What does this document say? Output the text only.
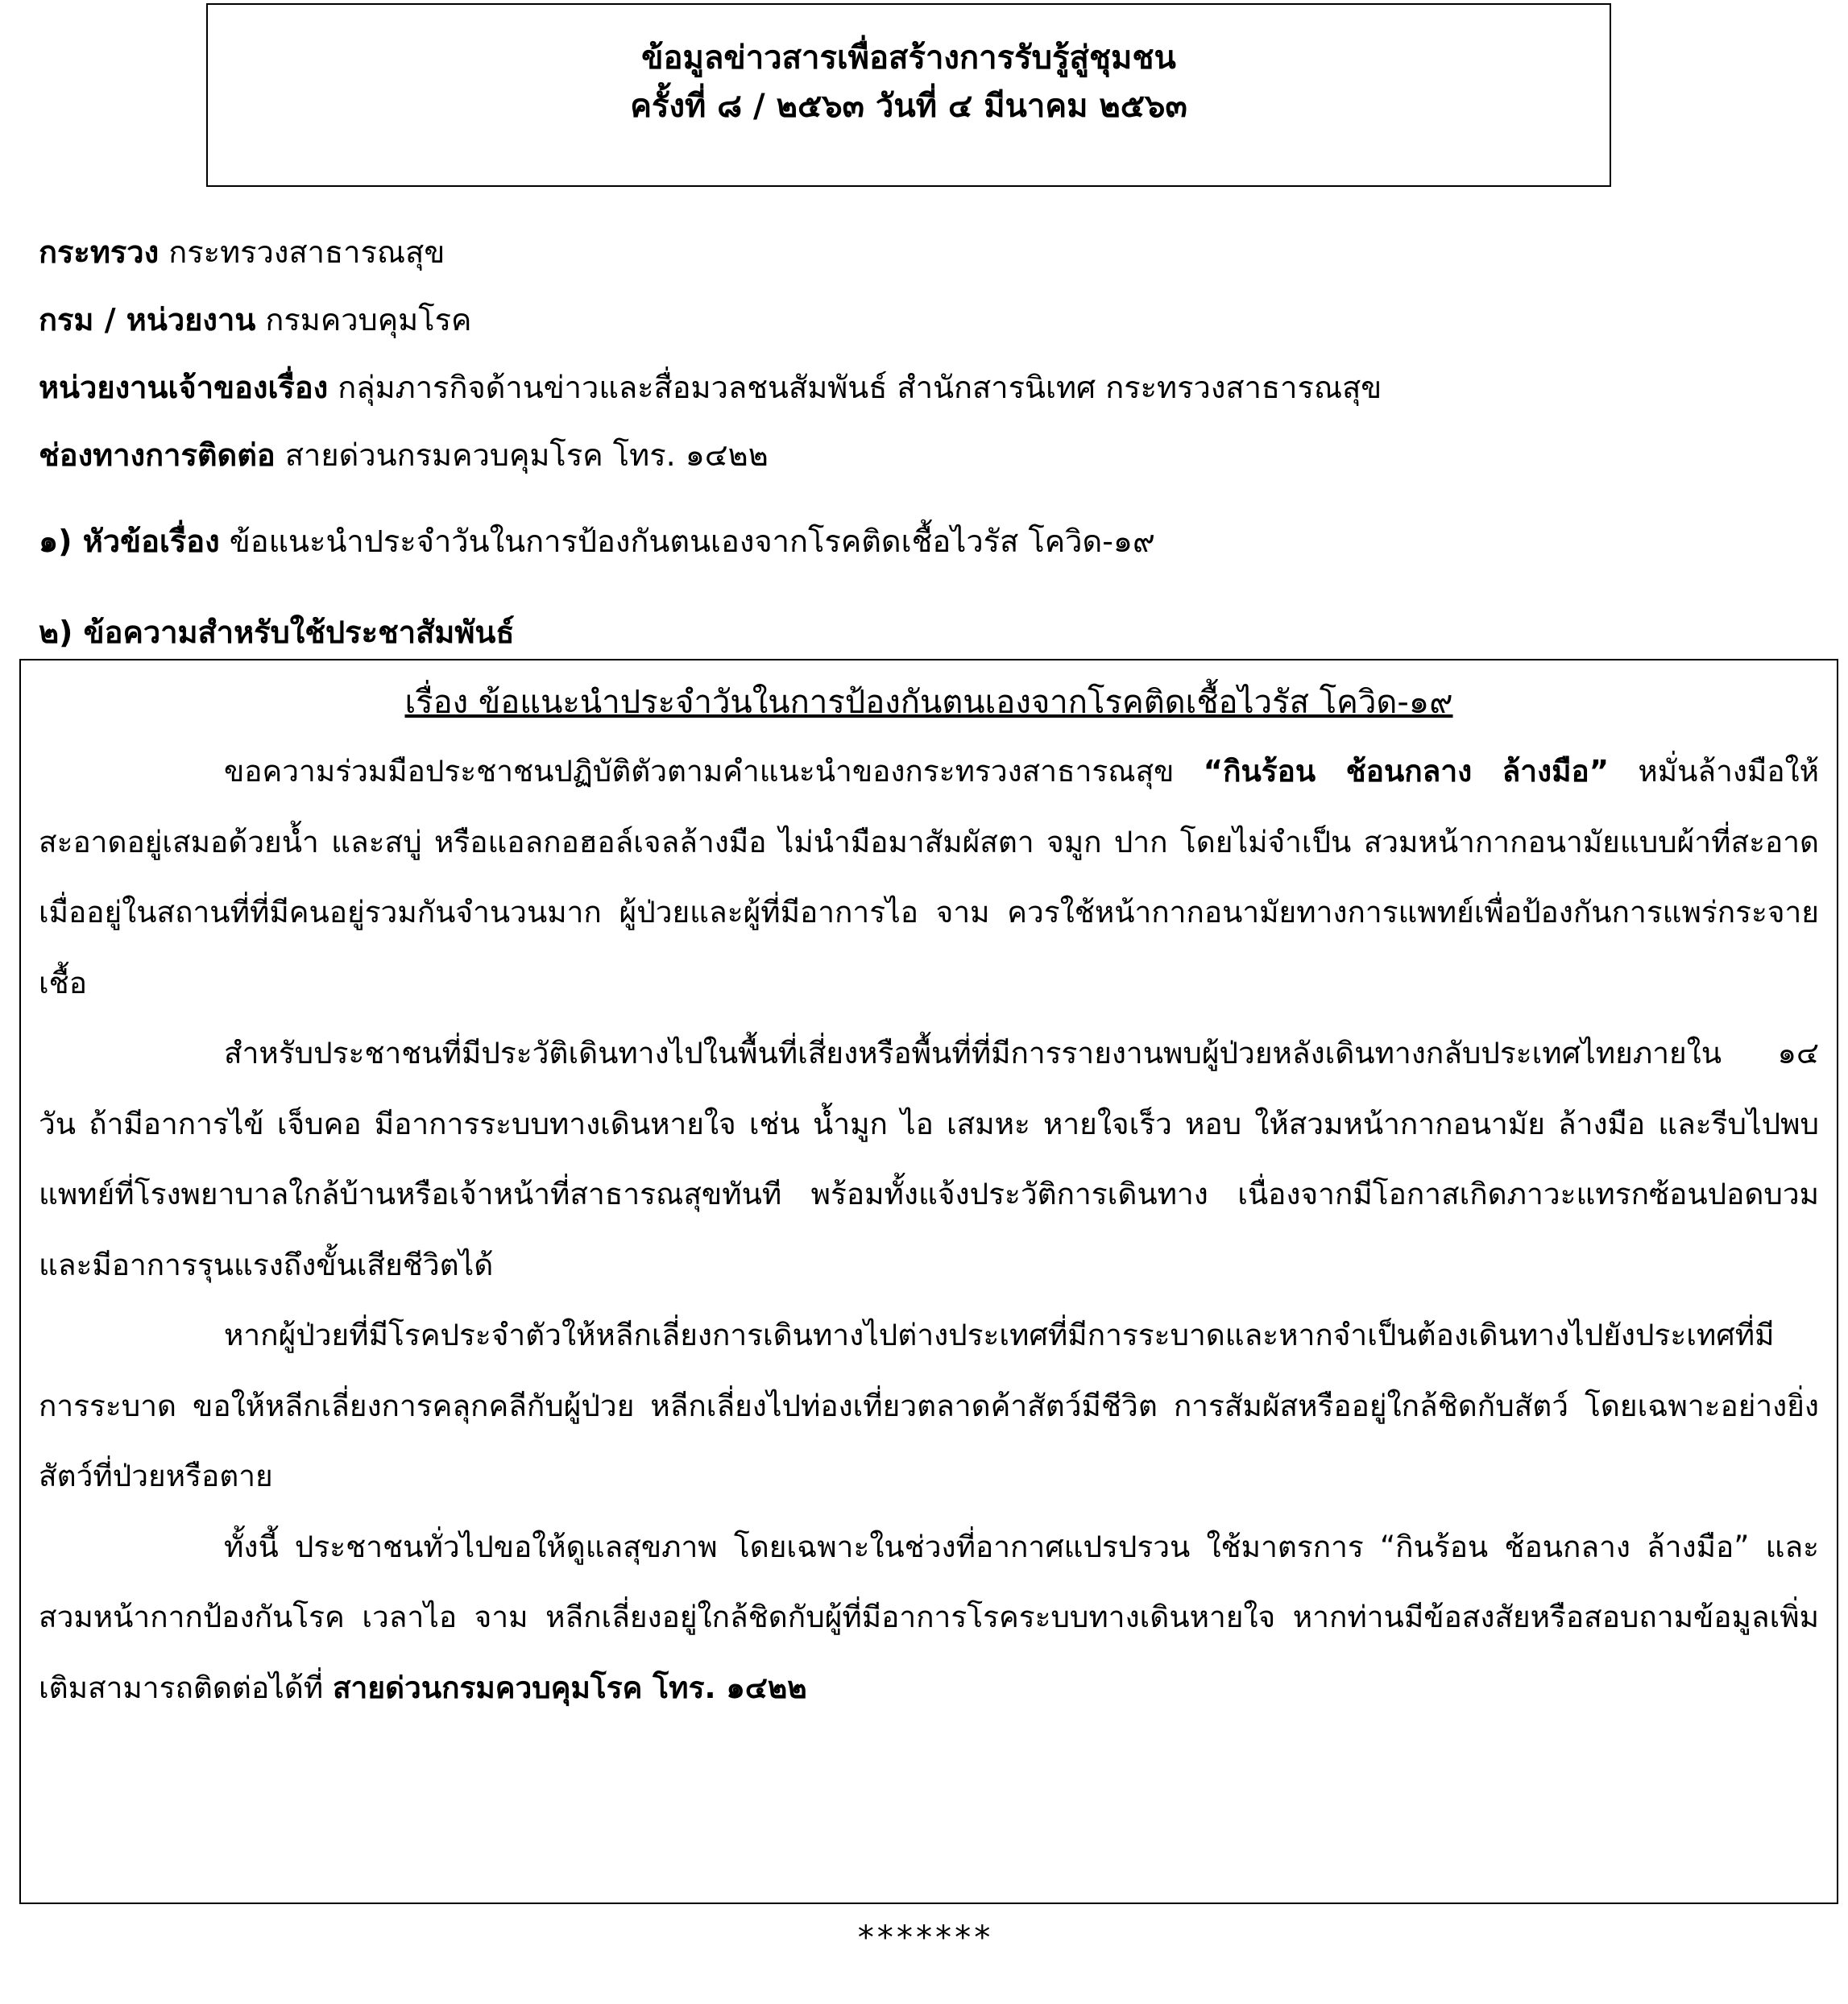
ข้อมูลข่าวสารเพื่อสร้างการรับรู้สู่ชุมชน
ครั้งที่ ๘ / ๒๕๖๓ วันที่ ๔ มีนาคม ๒๕๖๓
กระทรวง กระทรวงสาธารณสุข
กรม / หน่วยงาน กรมควบคุมโรค
หน่วยงานเจ้าของเรื่อง กลุ่มภารกิจด้านข่าวและสื่อมวลชนสัมพันธ์ สำนักสารนิเทศ กระทรวงสาธารณสุข
ช่องทางการติดต่อ สายด่วนกรมควบคุมโรค โทร. ๑๔๒๒
๑) หัวข้อเรื่อง ข้อแนะนำประจำวันในการป้องกันตนเองจากโรคติดเชื้อไวรัส โควิด-๑๙
๒) ข้อความสำหรับใช้ประชาสัมพันธ์
เรื่อง ข้อแนะนำประจำวันในการป้องกันตนเองจากโรคติดเชื้อไวรัส โควิด-๑๙

ขอความร่วมมือประชาชนปฏิบัติตัวตามคำแนะนำของกระทรวงสาธารณสุข “กินร้อน ช้อนกลาง ล้างมือ” หมั่นล้างมือให้สะอาดอยู่เสมอด้วยน้ำ และสบู่ หรือแอลกอฮอล์เจลล้างมือ ไม่นำมือมาสัมผัสตา จมูก ปาก โดยไม่จำเป็น สวมหน้ากากอนามัยแบบผ้าที่สะอาดเมื่ออยู่ในสถานที่ที่มีคนอยู่รวมกันจำนวนมาก ผู้ป่วยและผู้ที่มีอาการไอ จาม ควรใช้หน้ากากอนามัยทางการแพทย์เพื่อป้องกันการแพร่กระจายเชื้อ

สำหรับประชาชนที่มีประวัติเดินทางไปในพื้นที่เสี่ยงหรือพื้นที่ที่มีการรายงานพบผู้ป่วยหลังเดินทางกลับประเทศไทยภายใน ๑๔ วัน ถ้ามีอาการไข้ เจ็บคอ มีอาการระบบทางเดินหายใจ เช่น น้ำมูก ไอ เสมหะ หายใจเร็ว หอบ ให้สวมหน้ากากอนามัย ล้างมือ และรีบไปพบแพทย์ที่โรงพยาบาลใกล้บ้านหรือเจ้าหน้าที่สาธารณสุขทันที พร้อมทั้งแจ้งประวัติการเดินทาง เนื่องจากมีโอกาสเกิดภาวะแทรกซ้อนปอดบวมและมีอาการรุนแรงถึงขั้นเสียชีวิตได้

หากผู้ป่วยที่มีโรคประจำตัวให้หลีกเลี่ยงการเดินทางไปต่างประเทศที่มีการระบาดและหากจำเป็นต้องเดินทางไปยังประเทศที่มีการระบาด ขอให้หลีกเลี่ยงการคลุกคลีกับผู้ป่วย หลีกเลี่ยงไปท่องเที่ยวตลาดค้าสัตว์มีชีวิต การสัมผัสหรืออยู่ใกล้ชิดกับสัตว์ โดยเฉพาะอย่างยิ่งสัตว์ที่ป่วยหรือตาย

ทั้งนี้ ประชาชนทั่วไปขอให้ดูแลสุขภาพ โดยเฉพาะในช่วงที่อากาศแปรปรวน ใช้มาตรการ “กินร้อน ช้อนกลาง ล้างมือ” และสวมหน้ากากป้องกันโรค เวลาไอ จาม หลีกเลี่ยงอยู่ใกล้ชิดกับผู้ที่มีอาการโรคระบบทางเดินหายใจ หากท่านมีข้อสงสัยหรือสอบถามข้อมูลเพิ่มเติมสามารถติดต่อได้ที่ สายด่วนกรมควบคุมโรค โทร. ๑๔๒๒

*******
